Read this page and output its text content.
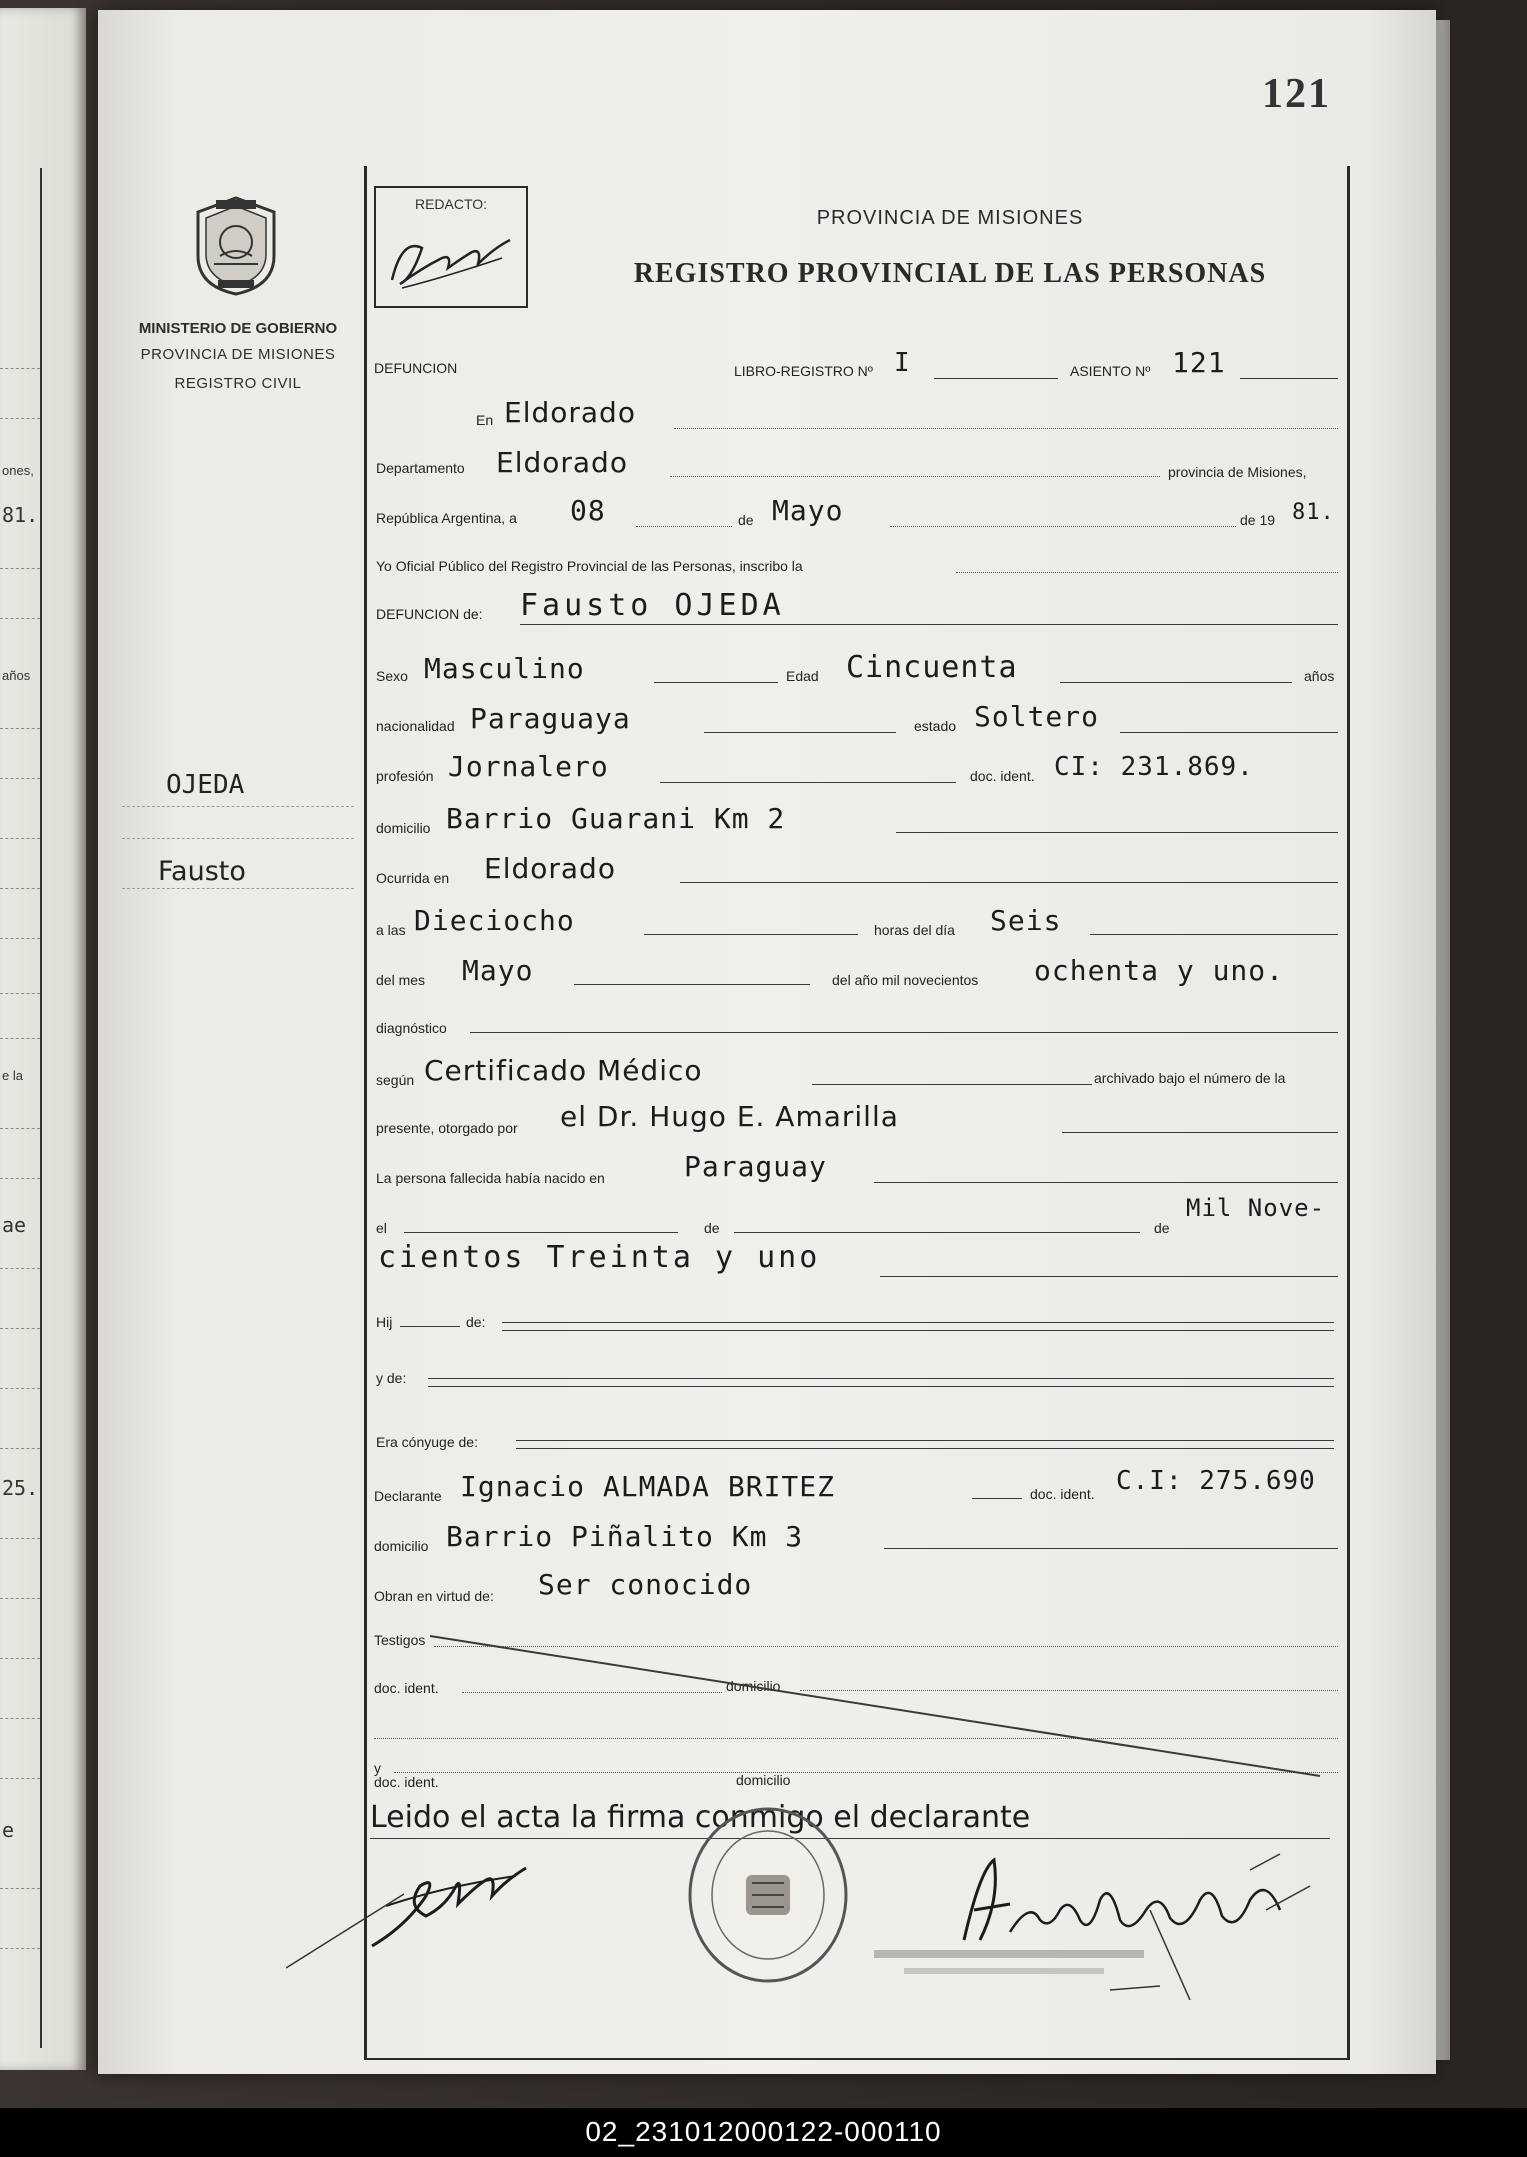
ones,
81.
años
e la
ae
25.
e
121
MINISTERIO DE GOBIERNO
PROVINCIA DE MISIONES
REGISTRO CIVIL
OJEDA
Fausto
REDACTO:
PROVINCIA DE MISIONES
REGISTRO PROVINCIAL DE LAS PERSONAS
DEFUNCION	LIBRO-REGISTRO Nº I	ASIENTO Nº 121
En Eldorado
Departamento Eldorado	provincia de Misiones,
República Argentina, a 08	de Mayo	de 19 81.
Yo Oficial Público del Registro Provincial de las Personas, inscribo la
DEFUNCION de: Fausto OJEDA
Sexo Masculino	Edad Cincuenta	años
nacionalidad Paraguaya	estado Soltero
profesión Jornalero	doc. ident. CI: 231.869.
domicilio Barrio Guarani Km 2
Ocurrida en Eldorado
a las Dieciocho	horas del día Seis
del mes Mayo	del año mil novecientos ochenta y uno.
diagnóstico
según Certificado Médico	archivado bajo el número de la
presente, otorgado por el Dr. Hugo E. Amarilla
La persona fallecida había nacido en	Paraguay
el	de	de
Mil Nove-
cientos Treinta y uno
Hij	de:
y de:
Era cónyuge de:
Declarante Ignacio ALMADA BRITEZ	doc. ident. C.I: 275.690
domicilio Barrio Piñalito Km 3
Obran en virtud de: Ser conocido
Testigos
doc. ident.	domicilio
y
doc. ident.	domicilio
Leido el acta la firma conmigo el declarante
02_231012000122-000110
